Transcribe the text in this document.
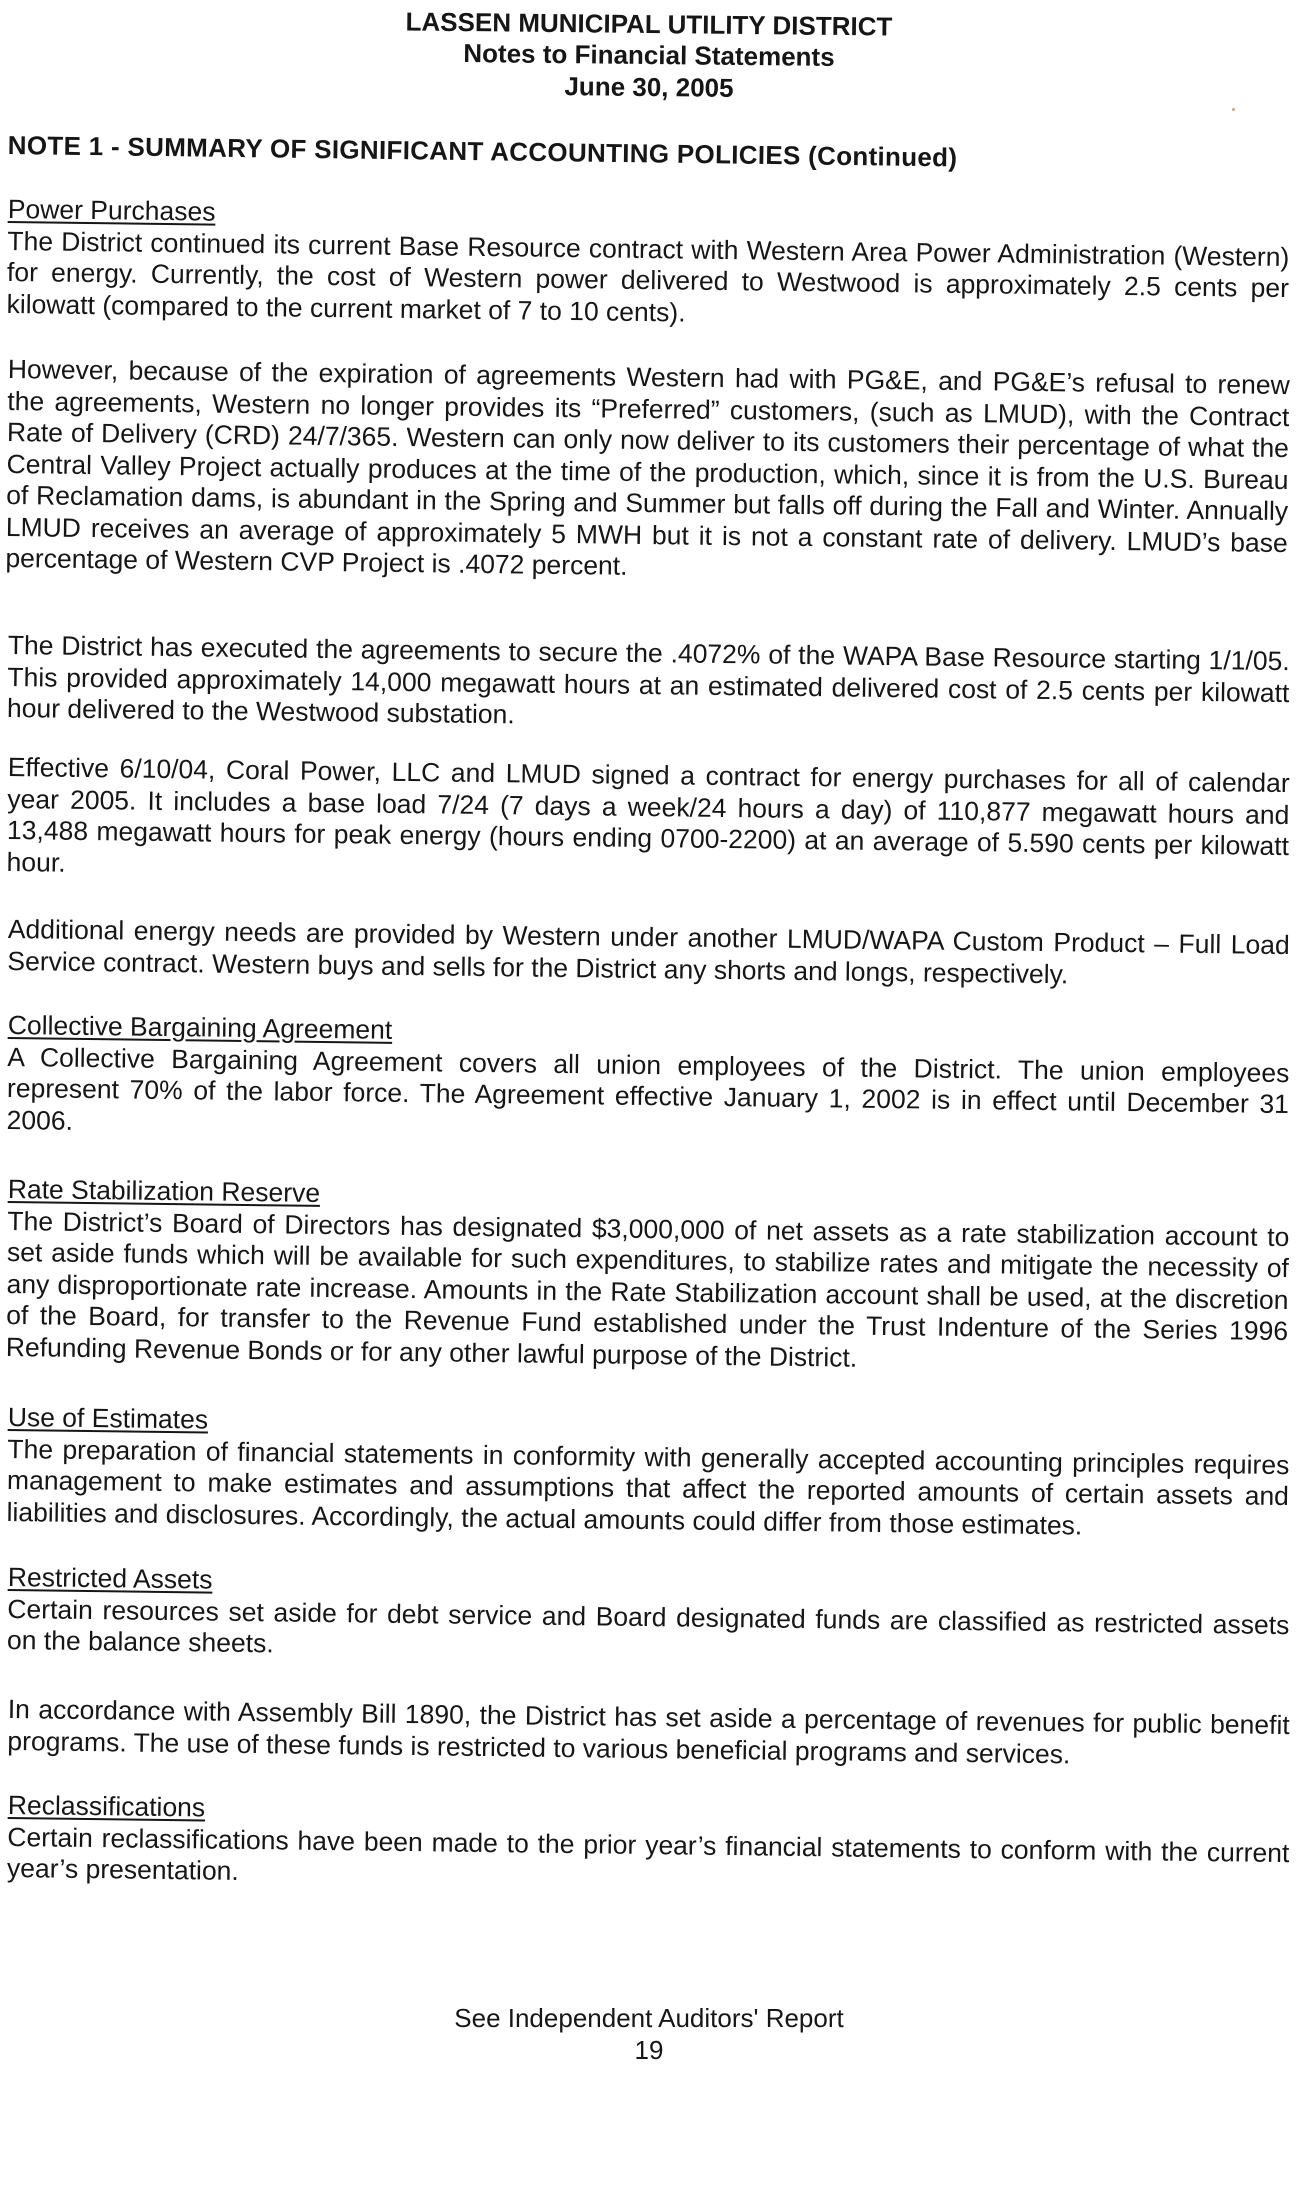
LASSEN MUNICIPAL UTILITY DISTRICT
Notes to Financial Statements
June 30, 2005
NOTE 1 - SUMMARY OF SIGNIFICANT ACCOUNTING POLICIES (Continued)
Power Purchases
The District continued its current Base Resource contract with Western Area Power Administration (Western) for energy. Currently, the cost of Western power delivered to Westwood is approximately 2.5 cents per kilowatt (compared to the current market of 7 to 10 cents).
However, because of the expiration of agreements Western had with PG&E, and PG&E’s refusal to renew the agreements, Western no longer provides its “Preferred” customers, (such as LMUD), with the Contract Rate of Delivery (CRD) 24/7/365. Western can only now deliver to its customers their percentage of what the Central Valley Project actually produces at the time of the production, which, since it is from the U.S. Bureau of Reclamation dams, is abundant in the Spring and Summer but falls off during the Fall and Winter. Annually LMUD receives an average of approximately 5 MWH but it is not a constant rate of delivery. LMUD’s base percentage of Western CVP Project is .4072 percent.
The District has executed the agreements to secure the .4072% of the WAPA Base Resource starting 1/1/05. This provided approximately 14,000 megawatt hours at an estimated delivered cost of 2.5 cents per kilowatt hour delivered to the Westwood substation.
Effective 6/10/04, Coral Power, LLC and LMUD signed a contract for energy purchases for all of calendar year 2005. It includes a base load 7/24 (7 days a week/24 hours a day) of 110,877 megawatt hours and 13,488 megawatt hours for peak energy (hours ending 0700-2200) at an average of 5.590 cents per kilowatt hour.
Additional energy needs are provided by Western under another LMUD/WAPA Custom Product – Full Load Service contract. Western buys and sells for the District any shorts and longs, respectively.
Collective Bargaining Agreement
A Collective Bargaining Agreement covers all union employees of the District. The union employees represent 70% of the labor force. The Agreement effective January 1, 2002 is in effect until December 31 2006.
Rate Stabilization Reserve
The District’s Board of Directors has designated $3,000,000 of net assets as a rate stabilization account to set aside funds which will be available for such expenditures, to stabilize rates and mitigate the necessity of any disproportionate rate increase. Amounts in the Rate Stabilization account shall be used, at the discretion of the Board, for transfer to the Revenue Fund established under the Trust Indenture of the Series 1996 Refunding Revenue Bonds or for any other lawful purpose of the District.
Use of Estimates
The preparation of financial statements in conformity with generally accepted accounting principles requires management to make estimates and assumptions that affect the reported amounts of certain assets and liabilities and disclosures. Accordingly, the actual amounts could differ from those estimates.
Restricted Assets
Certain resources set aside for debt service and Board designated funds are classified as restricted assets on the balance sheets.
In accordance with Assembly Bill 1890, the District has set aside a percentage of revenues for public benefit programs. The use of these funds is restricted to various beneficial programs and services.
Reclassifications
Certain reclassifications have been made to the prior year’s financial statements to conform with the current year’s presentation.
See Independent Auditors' Report
19
